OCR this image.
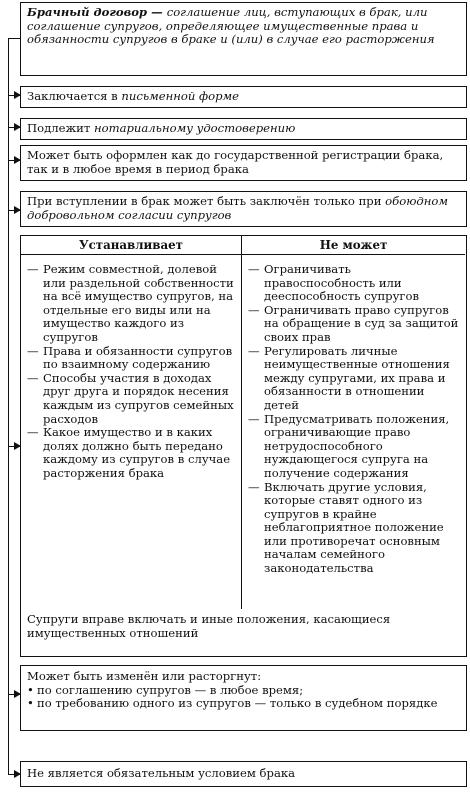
Брачный договор — соглашение лиц, вступающих в брак, или соглашение супругов, определяющее имущественные права и обязанности супругов в браке и (или) в случае его расторжения
Заключается в письменной форме
Подлежит нотариальному удостоверению
Может быть оформлен как до государственной регистрации брака, так и в любое время в период брака
При вступлении в брак может быть заключён только при обоюдном добровольном согласии супругов
Устанавливает	Не может
— Режим совместной, долевой или раздельной собственности на всё имущество супругов, на отдельные его виды или на имущество каждого из супругов
— Права и обязанности супругов по взаимному содержанию
— Способы участия в доходах друг друга и порядок несения каждым из супругов семейных расходов
— Какое имущество и в каких долях должно быть передано каждому из супругов в случае расторжения брака
— Ограничивать правоспособность или дееспособность супругов
— Ограничивать право супругов на обращение в суд за защитой своих прав
— Регулировать личные неимущественные отношения между супругами, их права и обязанности в отношении детей
— Предусматривать положения, ограничивающие право нетрудоспособного нуждающегося супруга на получение содержания
— Включать другие условия, которые ставят одного из супругов в крайне неблагоприятное положение или противоречат основным началам семейного законодательства
Супруги вправе включать и иные положения, касающиеся имущественных отношений
Может быть изменён или расторгнут:
• по соглашению супругов — в любое время;
• по требованию одного из супругов — только в судебном порядке
Не является обязательным условием брака
